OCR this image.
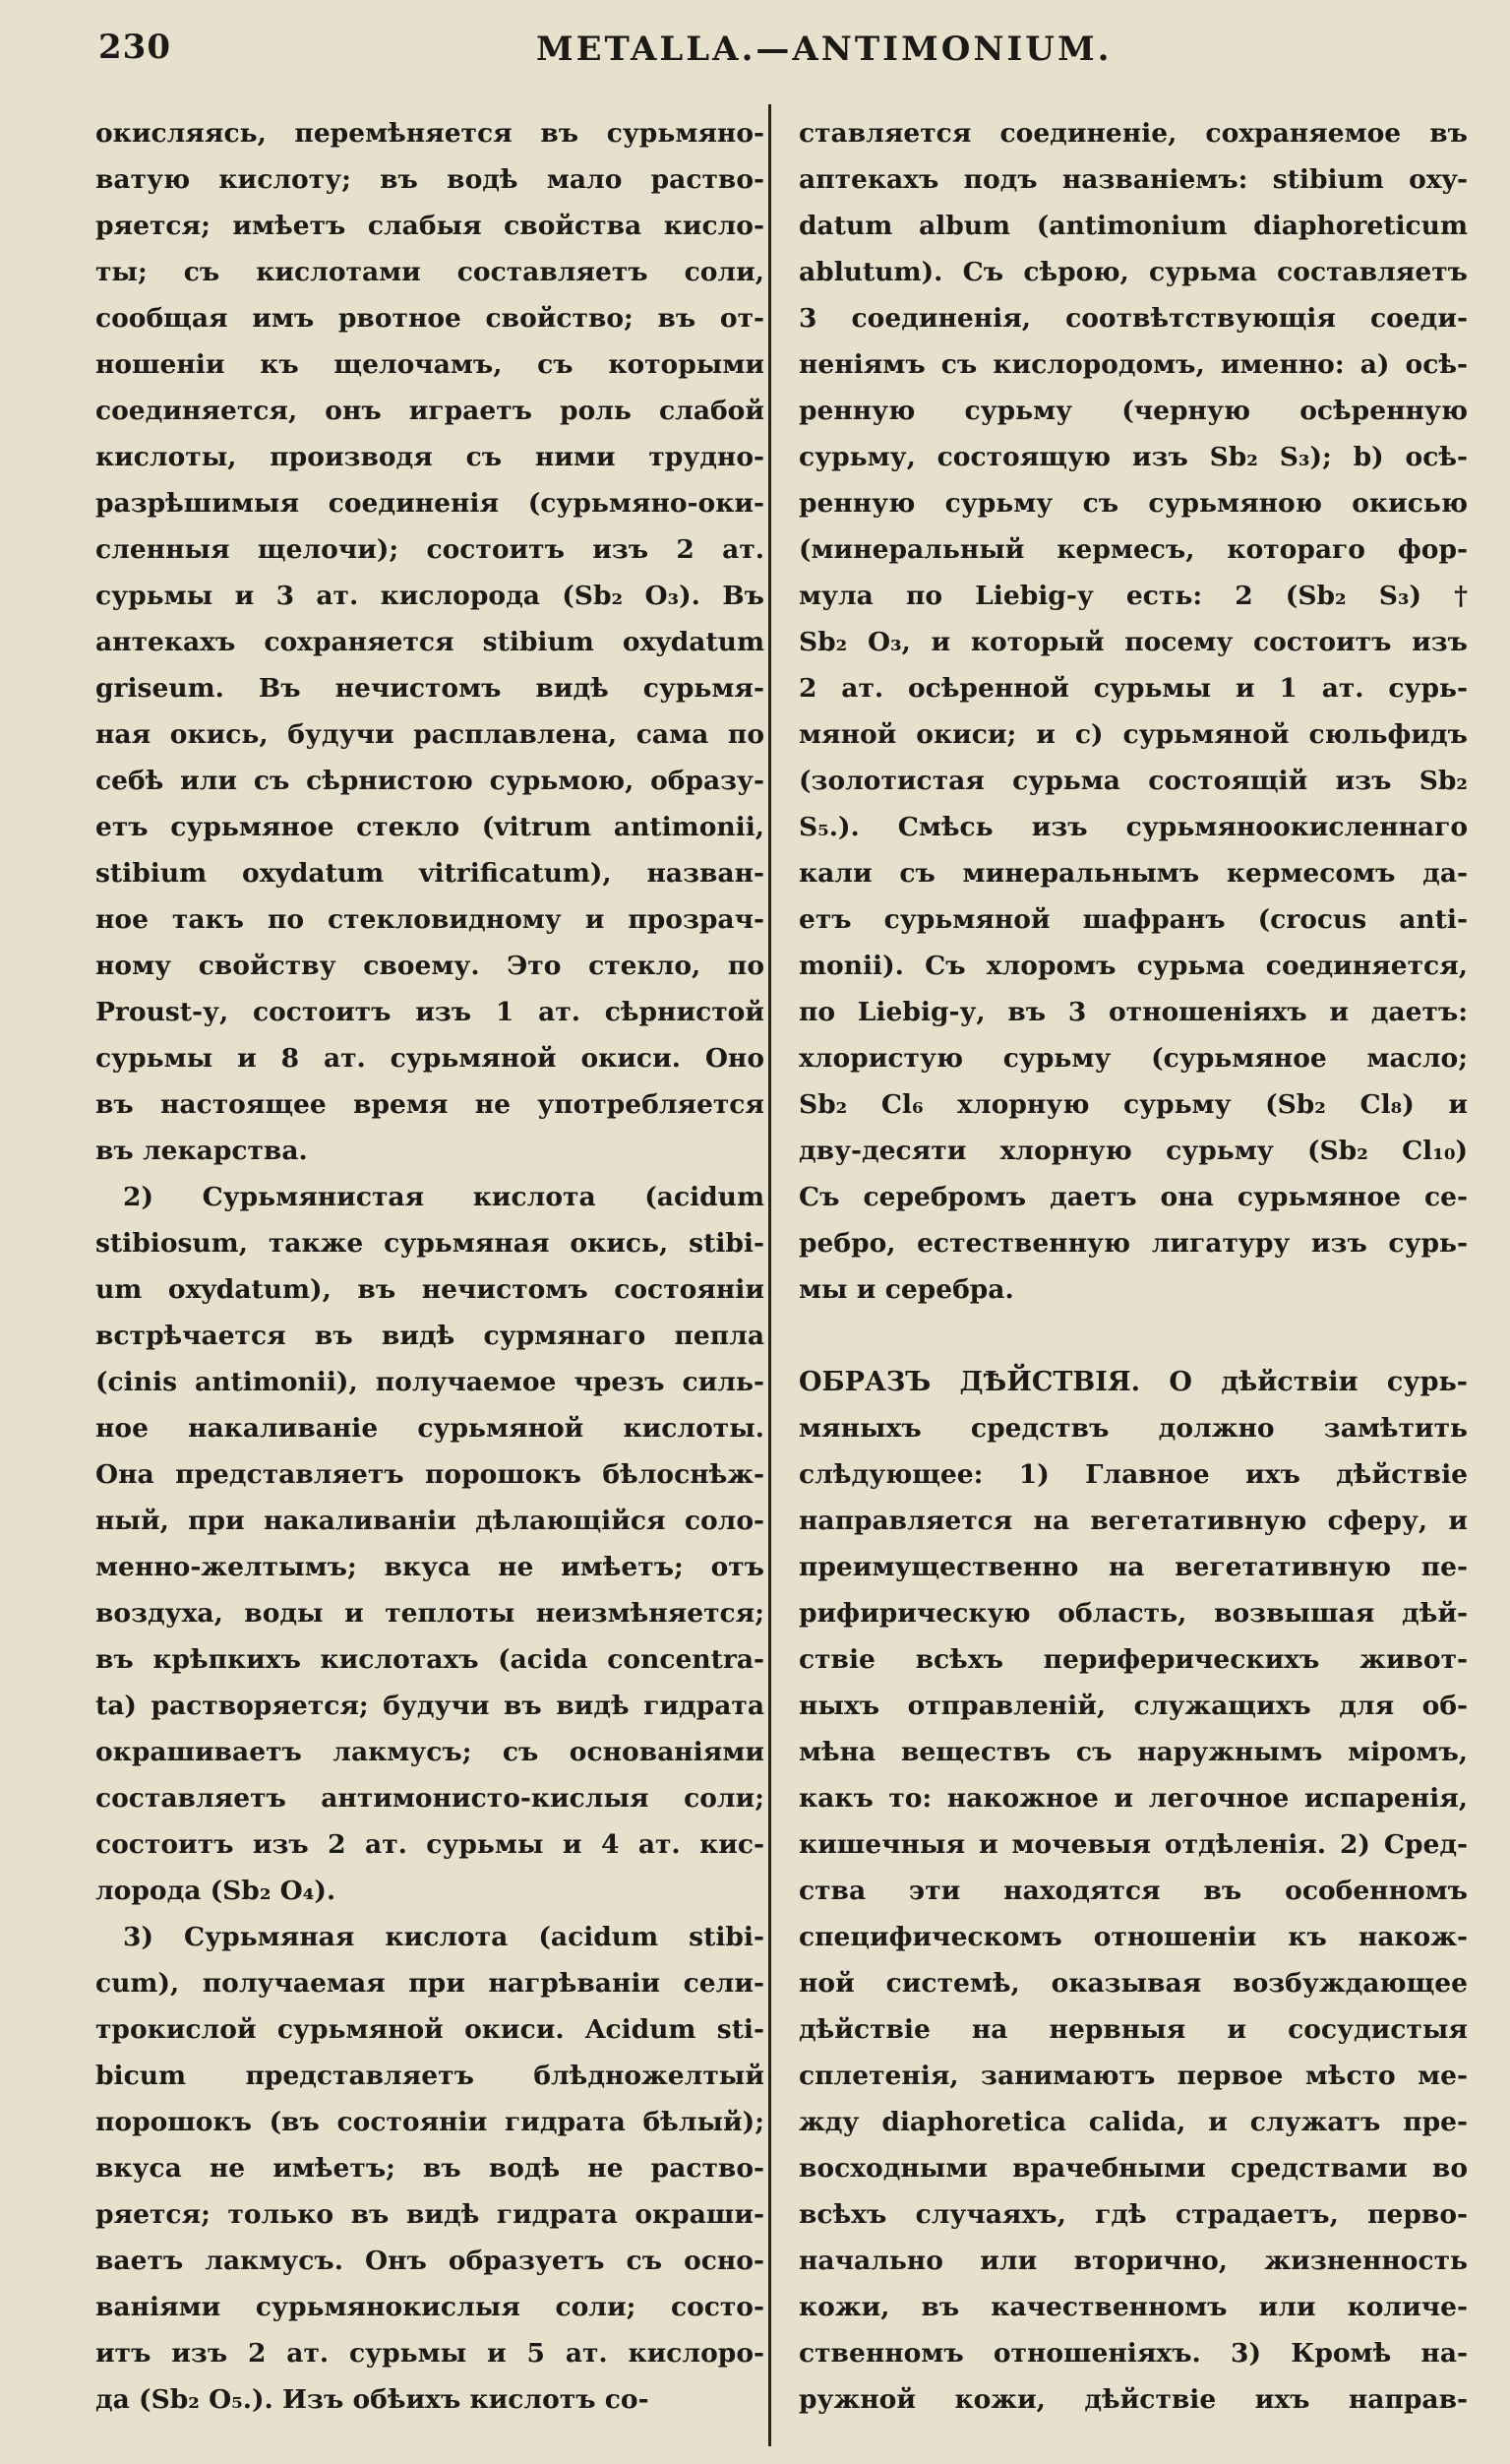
230	METALLA.—ANTIMONIUM.
окисляясь, перемѣняется въ сурьмяно-
ватую кислоту; въ водѣ мало раство-
ряется; имѣетъ слабыя свойства кисло-
ты; съ кислотами составляетъ соли,
сообщая имъ рвотное свойство; въ от-
ношеніи къ щелочамъ, съ которыми
соединяется, онъ играетъ роль слабой
кислоты, производя съ ними трудно-
разрѣшимыя соединенія (сурьмяно-оки-
сленныя щелочи); состоитъ изъ 2 ат.
сурьмы и 3 ат. кислорода (Sb₂ O₃). Въ
антекахъ сохраняется stibium oxydatum
griseum. Въ нечистомъ видѣ сурьмя-
ная окись, будучи расплавлена, сама по
себѣ или съ сѣрнистою сурьмою, образу-
етъ сурьмяное стекло (vitrum antimonii,
stibium oxydatum vitrificatum), назван-
ное такъ по стекловидному и прозрач-
ному свойству своему. Это стекло, по
Proust-у, состоитъ изъ 1 ат. сѣрнистой
сурьмы и 8 ат. сурьмяной окиси. Оно
въ настоящее время не употребляется
въ лекарства.
2) Сурьмянистая кислота (acidum
stibiosum, также сурьмяная окись, stibi-
um oxydatum), въ нечистомъ состояніи
встрѣчается въ видѣ сурмянаго пепла
(cinis antimonii), получаемое чрезъ силь-
ное накаливаніе сурьмяной кислоты.
Она представляетъ порошокъ бѣлоснѣж-
ный, при накаливаніи дѣлающійся соло-
менно-желтымъ; вкуса не имѣетъ; отъ
воздуха, воды и теплоты неизмѣняется;
въ крѣпкихъ кислотахъ (acida concentra-
ta) растворяется; будучи въ видѣ гидрата
окрашиваетъ лакмусъ; съ основаніями
составляетъ антимонисто-кислыя соли;
состоитъ изъ 2 ат. сурьмы и 4 ат. кис-
лорода (Sb₂ O₄).
3) Сурьмяная кислота (acidum stibi-
cum), получаемая при нагрѣваніи сели-
трокислой сурьмяной окиси. Acidum sti-
bicum представляетъ блѣдножелтый
порошокъ (въ состояніи гидрата бѣлый);
вкуса не имѣетъ; въ водѣ не раство-
ряется; только въ видѣ гидрата окраши-
ваетъ лакмусъ. Онъ образуетъ съ осно-
ваніями сурьмянокислыя соли; состо-
итъ изъ 2 ат. сурьмы и 5 ат. кислоро-
да (Sb₂ O₅.). Изъ обѣихъ кислотъ со-
ставляется соединеніе, сохраняемое въ
аптекахъ подъ названіемъ: stibium oxy-
datum album (antimonium diaphoreticum
ablutum). Съ сѣрою, сурьма составляетъ
3 соединенія, соотвѣтствующія соеди-
неніямъ съ кислородомъ, именно: a) осѣ-
ренную сурьму (черную осѣренную
сурьму, состоящую изъ Sb₂ S₃); b) осѣ-
ренную сурьму съ сурьмяною окисью
(минеральный кермесъ, котораго фор-
мула по Liebig-у есть: 2 (Sb₂ S₃) †
Sb₂ O₃, и который посему состоитъ изъ
2 ат. осѣренной сурьмы и 1 ат. сурь-
мяной окиси; и c) сурьмяной сюльфидъ
(золотистая сурьма состоящій изъ Sb₂
S₅.). Смѣсь изъ сурьмяноокисленнаго
кали съ минеральнымъ кермесомъ да-
етъ сурьмяной шафранъ (crocus anti-
monii). Съ хлоромъ сурьма соединяется,
по Liebig-у, въ 3 отношеніяхъ и даетъ:
хлористую сурьму (сурьмяное масло;
Sb₂ Cl₆ хлорную сурьму (Sb₂ Cl₈) и
дву-десяти хлорную сурьму (Sb₂ Cl₁₀)
Съ серебромъ даетъ она сурьмяное се-
ребро, естественную лигатуру изъ сурь-
мы и серебра.
ОБРАЗЪ ДѢЙСТВІЯ. О дѣйствіи сурь-
мяныхъ средствъ должно замѣтить
слѣдующее: 1) Главное ихъ дѣйствіе
направляется на вегетативную сферу, и
преимущественно на вегетативную пе-
рифирическую область, возвышая дѣй-
ствіе всѣхъ периферическихъ живот-
ныхъ отправленій, служащихъ для об-
мѣна веществъ съ наружнымъ міромъ,
какъ то: накожное и легочное испаренія,
кишечныя и мочевыя отдѣленія. 2) Сред-
ства эти находятся въ особенномъ
специфическомъ отношеніи къ накож-
ной системѣ, оказывая возбуждающее
дѣйствіе на нервныя и сосудистыя
сплетенія, занимаютъ первое мѣсто ме-
жду diaphoretica calida, и служатъ пре-
восходными врачебными средствами во
всѣхъ случаяхъ, гдѣ страдаетъ, перво-
начально или вторично, жизненность
кожи, въ качественномъ или количе-
ственномъ отношеніяхъ. 3) Кромѣ на-
ружной кожи, дѣйствіе ихъ направ-
